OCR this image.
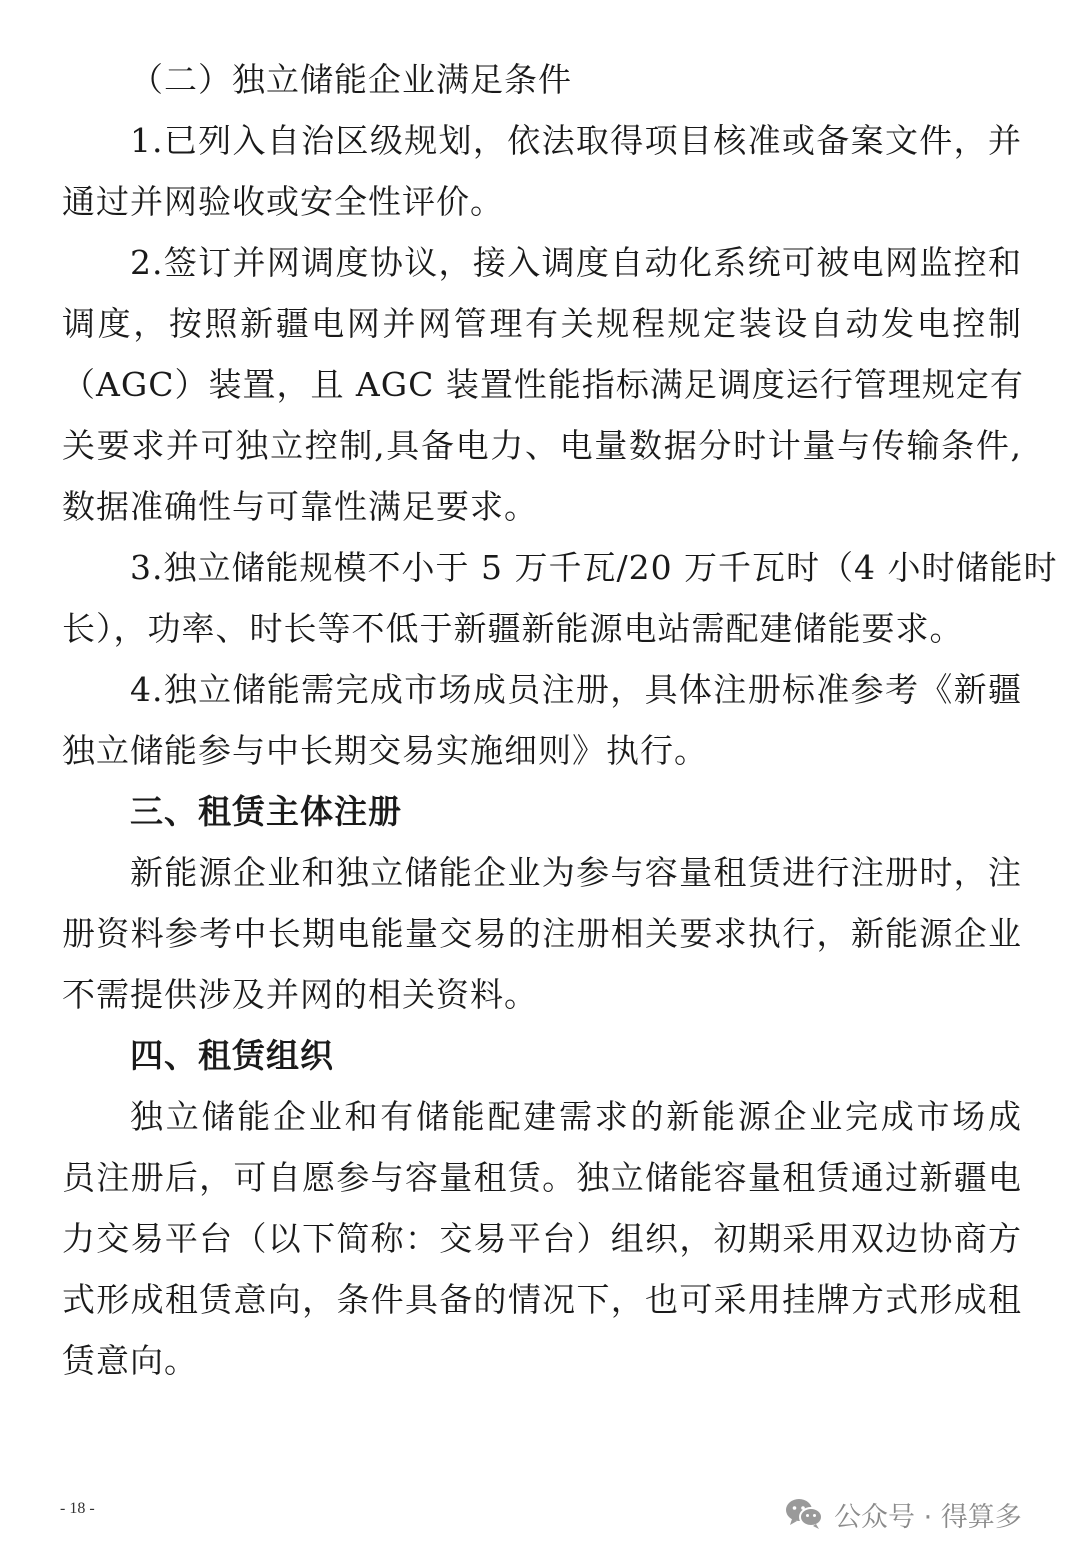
（二）独立储能企业满足条件
1.已列入自治区级规划，依法取得项目核准或备案文件，并
通过并网验收或安全性评价。
2.签订并网调度协议，接入调度自动化系统可被电网监控和
调度，按照新疆电网并网管理有关规程规定装设自动发电控制
（AGC）装置，且 AGC 装置性能指标满足调度运行管理规定有
关要求并可独立控制,具备电力、电量数据分时计量与传输条件,
数据准确性与可靠性满足要求。
3.独立储能规模不小于 5 万千瓦/20 万千瓦时（4 小时储能时
长），功率、时长等不低于新疆新能源电站需配建储能要求。
4.独立储能需完成市场成员注册，具体注册标准参考《新疆
独立储能参与中长期交易实施细则》执行。
三、租赁主体注册
新能源企业和独立储能企业为参与容量租赁进行注册时，注
册资料参考中长期电能量交易的注册相关要求执行，新能源企业
不需提供涉及并网的相关资料。
四、租赁组织
独立储能企业和有储能配建需求的新能源企业完成市场成
员注册后，可自愿参与容量租赁。独立储能容量租赁通过新疆电
力交易平台（以下简称：交易平台）组织，初期采用双边协商方
式形成租赁意向，条件具备的情况下，也可采用挂牌方式形成租
赁意向。
- 18 -	公众号 · 得算多
